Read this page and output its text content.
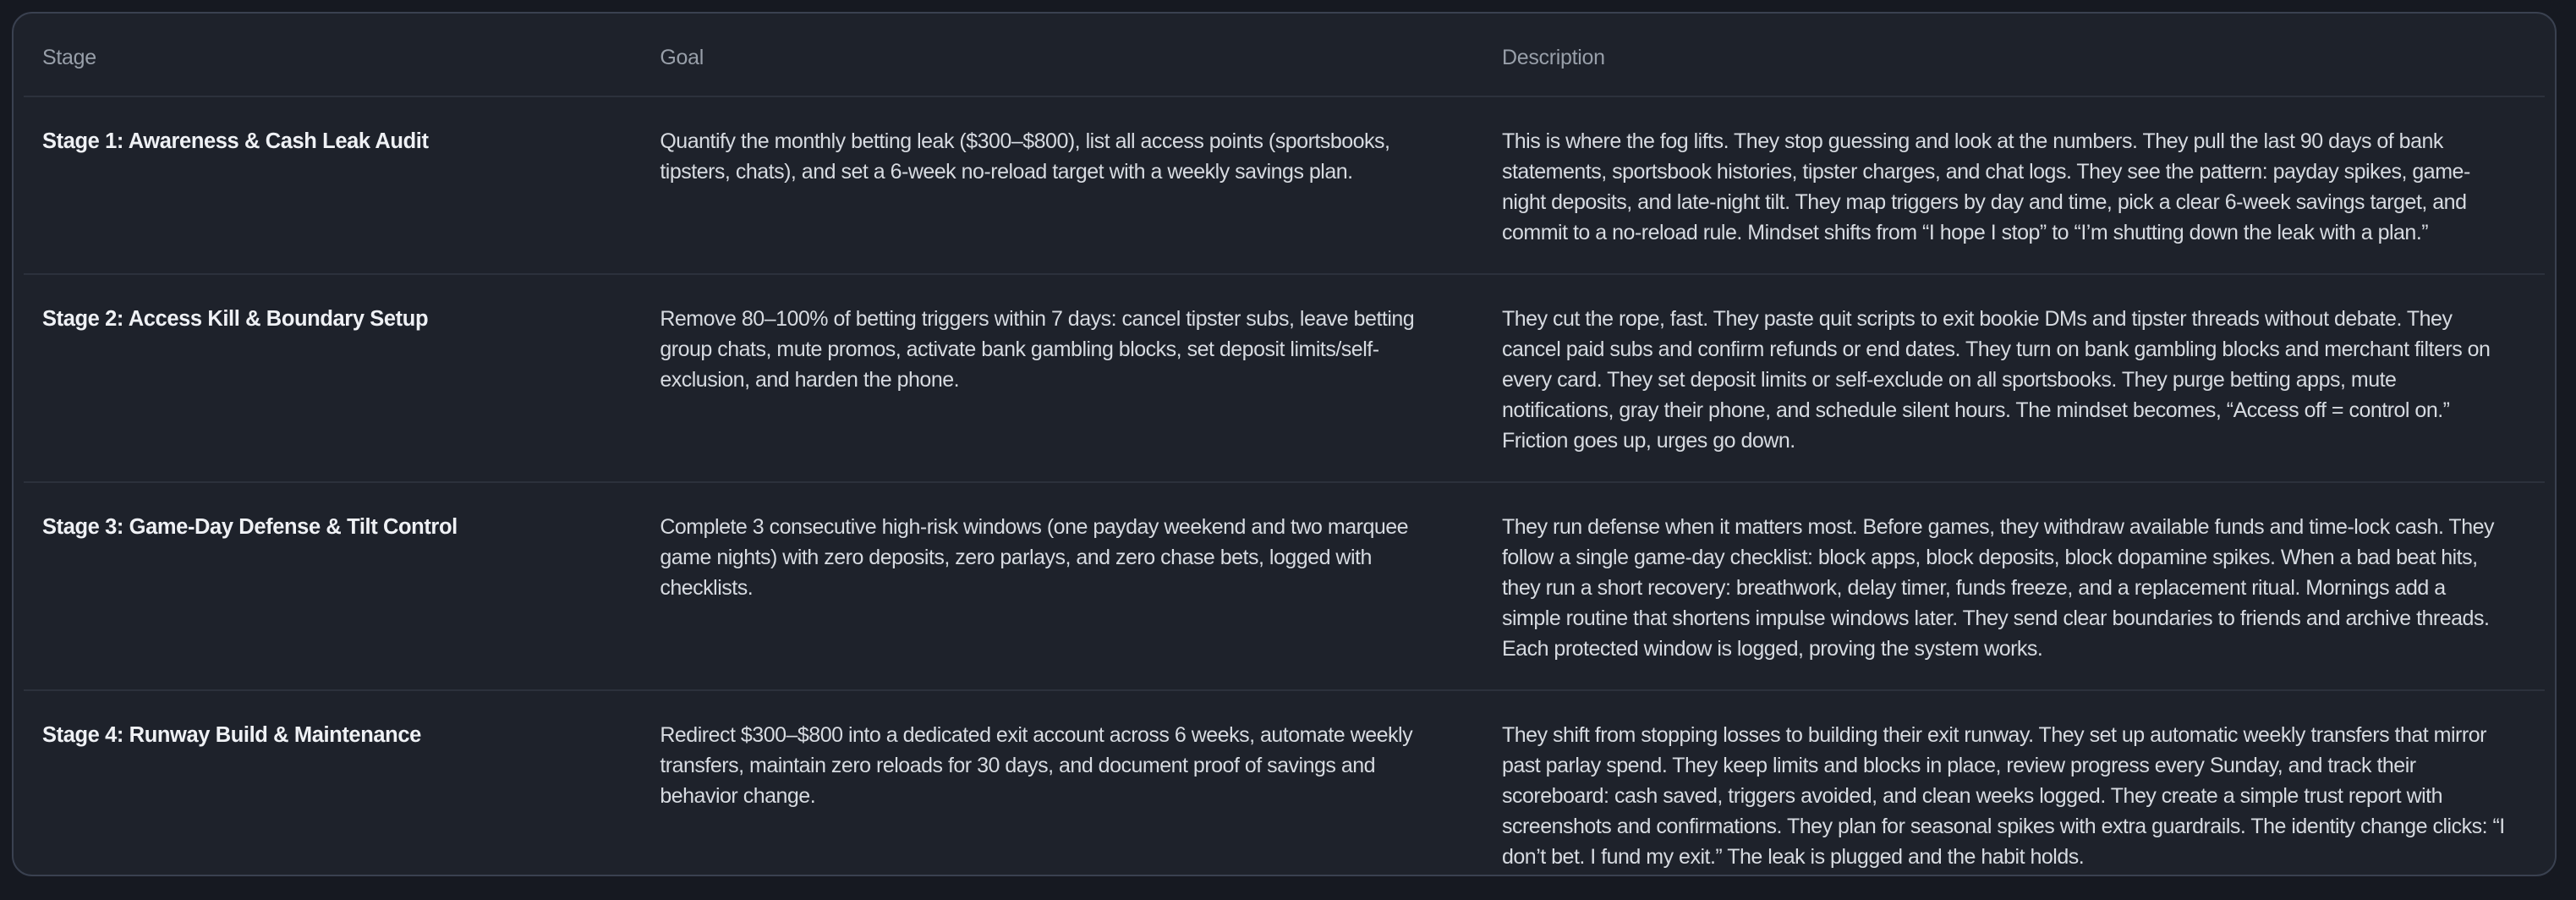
Stage	Goal	Description
Stage 1: Awareness & Cash Leak Audit	Quantify the monthly betting leak ($300–$800), list all access points (sportsbooks, tipsters, chats), and set a 6-week no-reload target with a weekly savings plan.	This is where the fog lifts. They stop guessing and look at the numbers. They pull the last 90 days of bank statements, sportsbook histories, tipster charges, and chat logs. They see the pattern: payday spikes, game-night deposits, and late-night tilt. They map triggers by day and time, pick a clear 6-week savings target, and commit to a no-reload rule. Mindset shifts from “I hope I stop” to “I’m shutting down the leak with a plan.”
Stage 2: Access Kill & Boundary Setup	Remove 80–100% of betting triggers within 7 days: cancel tipster subs, leave betting group chats, mute promos, activate bank gambling blocks, set deposit limits/self-exclusion, and harden the phone.	They cut the rope, fast. They paste quit scripts to exit bookie DMs and tipster threads without debate. They cancel paid subs and confirm refunds or end dates. They turn on bank gambling blocks and merchant filters on every card. They set deposit limits or self-exclude on all sportsbooks. They purge betting apps, mute notifications, gray their phone, and schedule silent hours. The mindset becomes, “Access off = control on.” Friction goes up, urges go down.
Stage 3: Game-Day Defense & Tilt Control	Complete 3 consecutive high-risk windows (one payday weekend and two marquee game nights) with zero deposits, zero parlays, and zero chase bets, logged with checklists.	They run defense when it matters most. Before games, they withdraw available funds and time-lock cash. They follow a single game-day checklist: block apps, block deposits, block dopamine spikes. When a bad beat hits, they run a short recovery: breathwork, delay timer, funds freeze, and a replacement ritual. Mornings add a simple routine that shortens impulse windows later. They send clear boundaries to friends and archive threads. Each protected window is logged, proving the system works.
Stage 4: Runway Build & Maintenance	Redirect $300–$800 into a dedicated exit account across 6 weeks, automate weekly transfers, maintain zero reloads for 30 days, and document proof of savings and behavior change.	They shift from stopping losses to building their exit runway. They set up automatic weekly transfers that mirror past parlay spend. They keep limits and blocks in place, review progress every Sunday, and track their scoreboard: cash saved, triggers avoided, and clean weeks logged. They create a simple trust report with screenshots and confirmations. They plan for seasonal spikes with extra guardrails. The identity change clicks: “I don’t bet. I fund my exit.” The leak is plugged and the habit holds.
